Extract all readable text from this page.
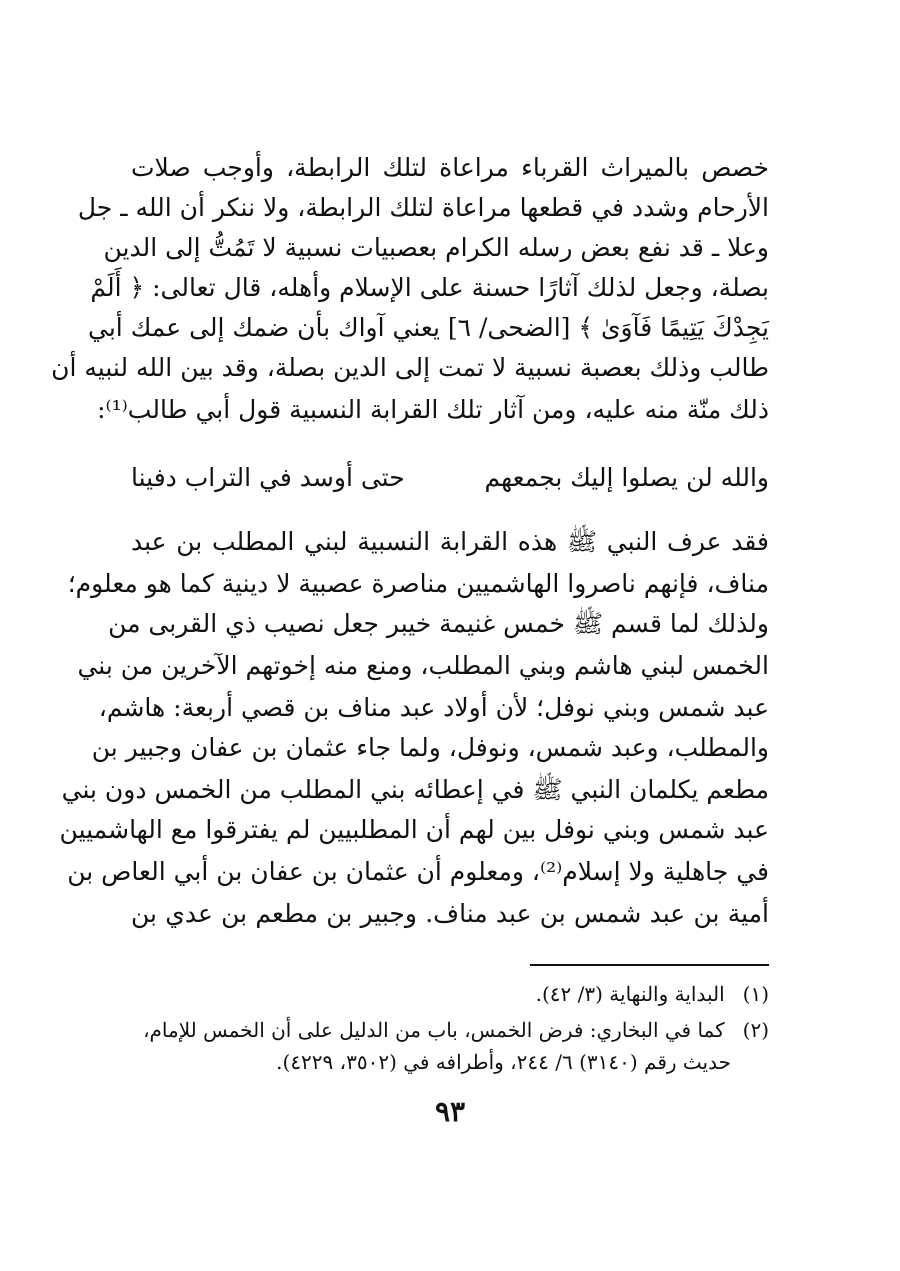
خصص بالميراث القرباء مراعاة لتلك الرابطة، وأوجب صلات
الأرحام وشدد في قطعها مراعاة لتلك الرابطة، ولا ننكر أن الله ـ جل
وعلا ـ قد نفع بعض رسله الكرام بعصبيات نسبية لا تَمُتُّ إلى الدين
بصلة، وجعل لذلك آثارًا حسنة على الإسلام وأهله، قال تعالى: ﴿ أَلَمْ
يَجِدْكَ يَتِيمًا فَآوَىٰ ﴾ [الضحى/ ٦] يعني آواك بأن ضمك إلى عمك أبي
طالب وذلك بعصبة نسبية لا تمت إلى الدين بصلة، وقد بين الله لنبيه أن
ذلك منّة منه عليه، ومن آثار تلك القرابة النسبية قول أبي طالب⁽¹⁾:
والله لن يصلوا إليك بجمعهم
حتى أوسد في التراب دفينا
فقد عرف النبي ﷺ هذه القرابة النسبية لبني المطلب بن عبد
مناف، فإنهم ناصروا الهاشميين مناصرة عصبية لا دينية كما هو معلوم؛
ولذلك لما قسم ﷺ خمس غنيمة خيبر جعل نصيب ذي القربى من
الخمس لبني هاشم وبني المطلب، ومنع منه إخوتهم الآخرين من بني
عبد شمس وبني نوفل؛ لأن أولاد عبد مناف بن قصي أربعة: هاشم،
والمطلب، وعبد شمس، ونوفل، ولما جاء عثمان بن عفان وجبير بن
مطعم يكلمان النبي ﷺ في إعطائه بني المطلب من الخمس دون بني
عبد شمس وبني نوفل بين لهم أن المطلبيين لم يفترقوا مع الهاشميين
في جاهلية ولا إسلام⁽²⁾، ومعلوم أن عثمان بن عفان بن أبي العاص بن
أمية بن عبد شمس بن عبد مناف. وجبير بن مطعم بن عدي بن
(١) البداية والنهاية (٣/ ٤٢).
(٢) كما في البخاري: فرض الخمس، باب من الدليل على أن الخمس للإمام،
حديث رقم (٣١٤٠) ٦/ ٢٤٤، وأطرافه في (٣٥٠٢، ٤٢٢٩).
٩٣
